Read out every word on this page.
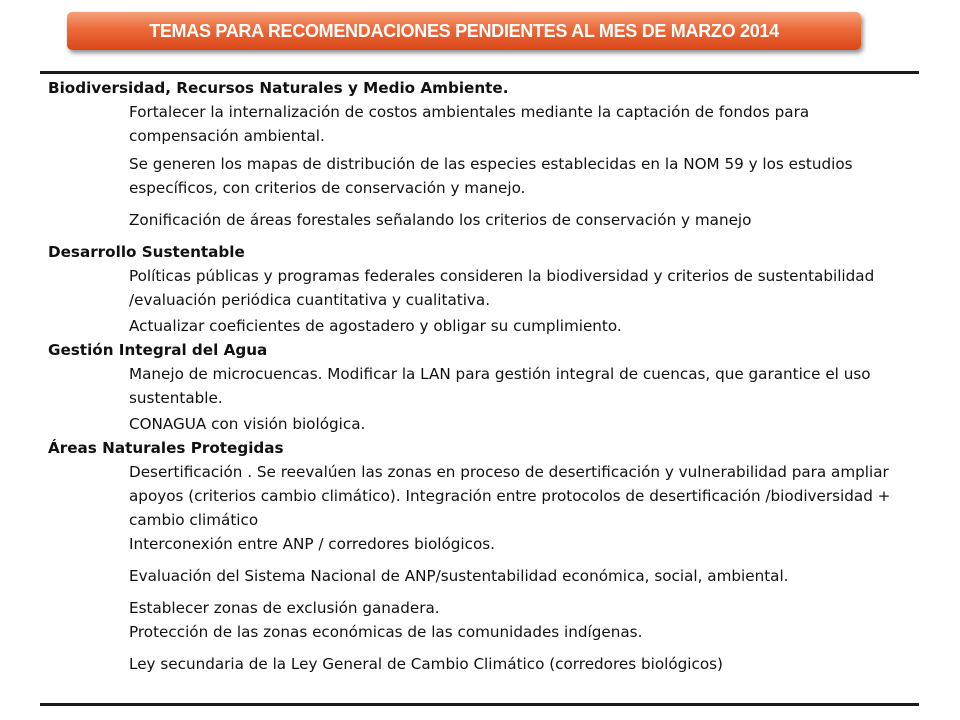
TEMAS PARA RECOMENDACIONES PENDIENTES AL MES DE MARZO 2014
Biodiversidad, Recursos Naturales y Medio Ambiente.
Fortalecer la internalización de costos ambientales mediante la captación de fondos para compensación ambiental.
Se generen los mapas de distribución de las especies establecidas en la NOM 59 y los estudios específicos, con criterios de conservación y manejo.
Zonificación de áreas forestales señalando los criterios de conservación y manejo
Desarrollo Sustentable
Políticas públicas y programas federales consideren la biodiversidad y criterios de sustentabilidad /evaluación periódica cuantitativa y cualitativa.
Actualizar coeficientes de agostadero y obligar su cumplimiento.
Gestión Integral del Agua
Manejo de microcuencas. Modificar la LAN para gestión integral de cuencas, que garantice el uso sustentable.
CONAGUA con visión biológica.
Áreas Naturales Protegidas
Desertificación . Se reevalúen las zonas en proceso de desertificación y vulnerabilidad para ampliar apoyos (criterios cambio climático). Integración entre protocolos de desertificación /biodiversidad + cambio climático
Interconexión entre ANP / corredores biológicos.
Evaluación del Sistema Nacional de ANP/sustentabilidad económica, social, ambiental.
Establecer zonas de exclusión ganadera.
Protección de las zonas económicas de las comunidades indígenas.
Ley secundaria de la Ley General de Cambio Climático (corredores biológicos)
